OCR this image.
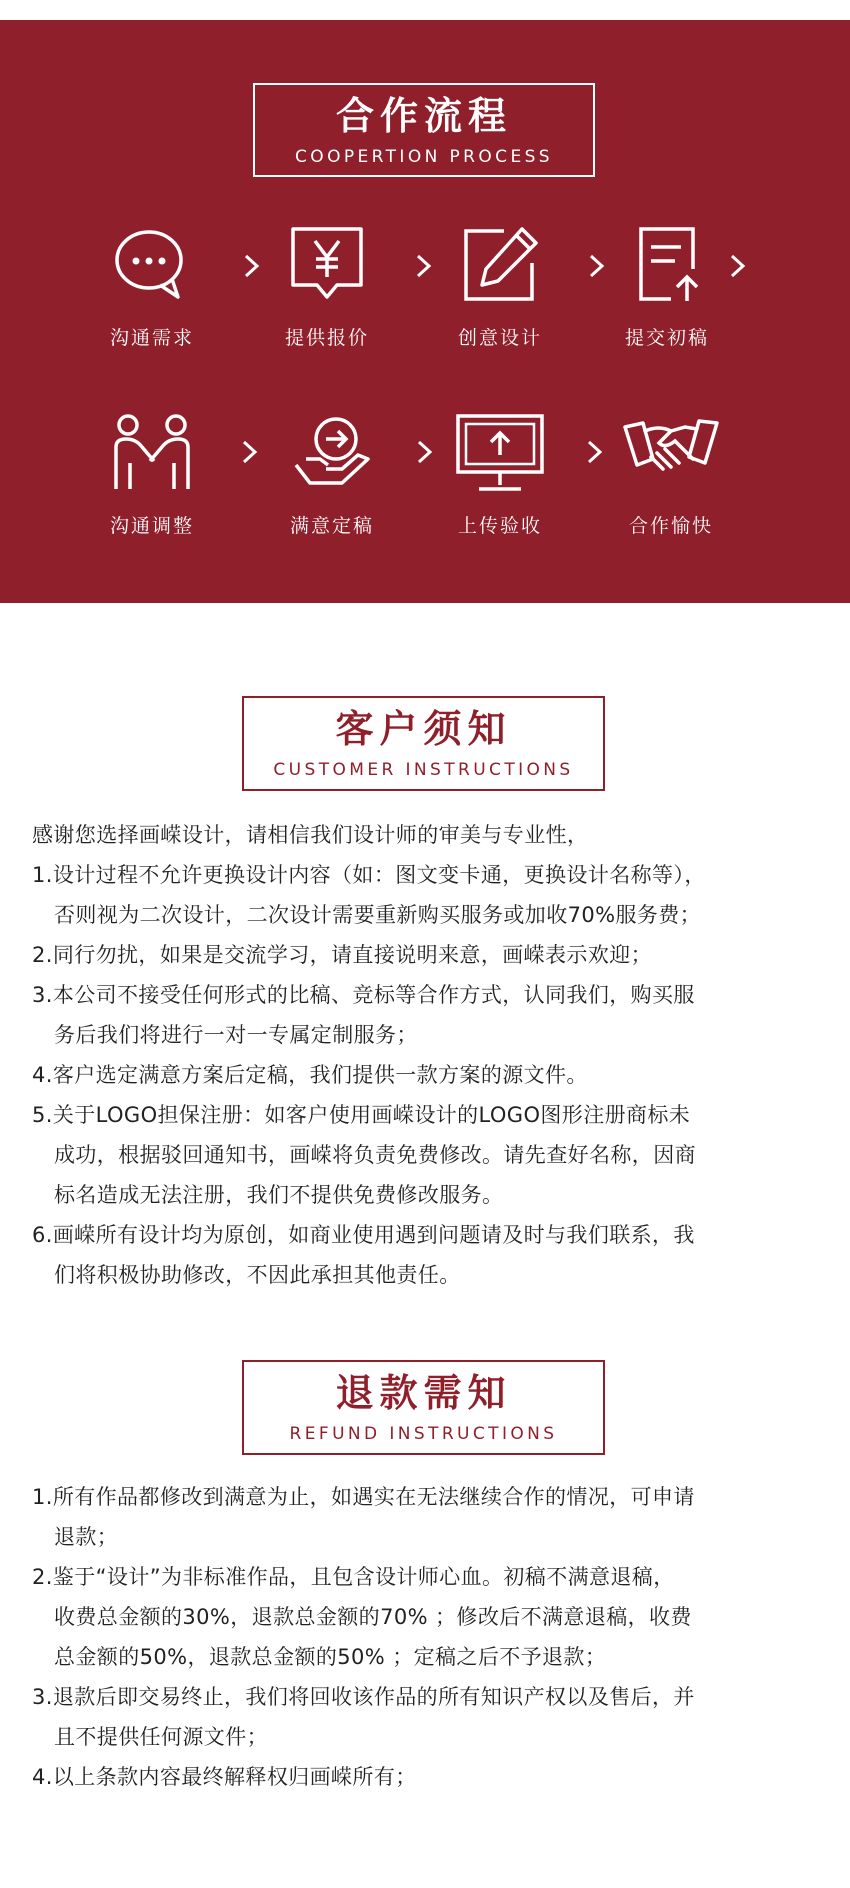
合作流程
COOPERTION PROCESS
沟通需求	提供报价	创意设计	提交初稿
沟通调整	满意定稿	上传验收	合作愉快
客户须知
CUSTOMER INSTRUCTIONS

感谢您选择画嵘设计，请相信我们设计师的审美与专业性，

1.设计过程不允许更换设计内容（如：图文变卡通，更换设计名称等），

否则视为二次设计，二次设计需要重新购买服务或加收70%服务费；

2.同行勿扰，如果是交流学习，请直接说明来意，画嵘表示欢迎；

3.本公司不接受任何形式的比稿、竞标等合作方式，认同我们，购买服

务后我们将进行一对一专属定制服务；

4.客户选定满意方案后定稿，我们提供一款方案的源文件。

5.关于LOGO担保注册：如客户使用画嵘设计的LOGO图形注册商标未

成功，根据驳回通知书，画嵘将负责免费修改。请先查好名称，因商

标名造成无法注册，我们不提供免费修改服务。

6.画嵘所有设计均为原创，如商业使用遇到问题请及时与我们联系，我

们将积极协助修改，不因此承担其他责任。

退款需知
REFUND INSTRUCTIONS

1.所有作品都修改到满意为止，如遇实在无法继续合作的情况，可申请

退款；

2.鉴于“设计”为非标准作品，且包含设计师心血。初稿不满意退稿，

收费总金额的30%，退款总金额的70% ；修改后不满意退稿，收费

总金额的50%，退款总金额的50% ；定稿之后不予退款；

3.退款后即交易终止，我们将回收该作品的所有知识产权以及售后，并

且不提供任何源文件；

4.以上条款内容最终解释权归画嵘所有；
